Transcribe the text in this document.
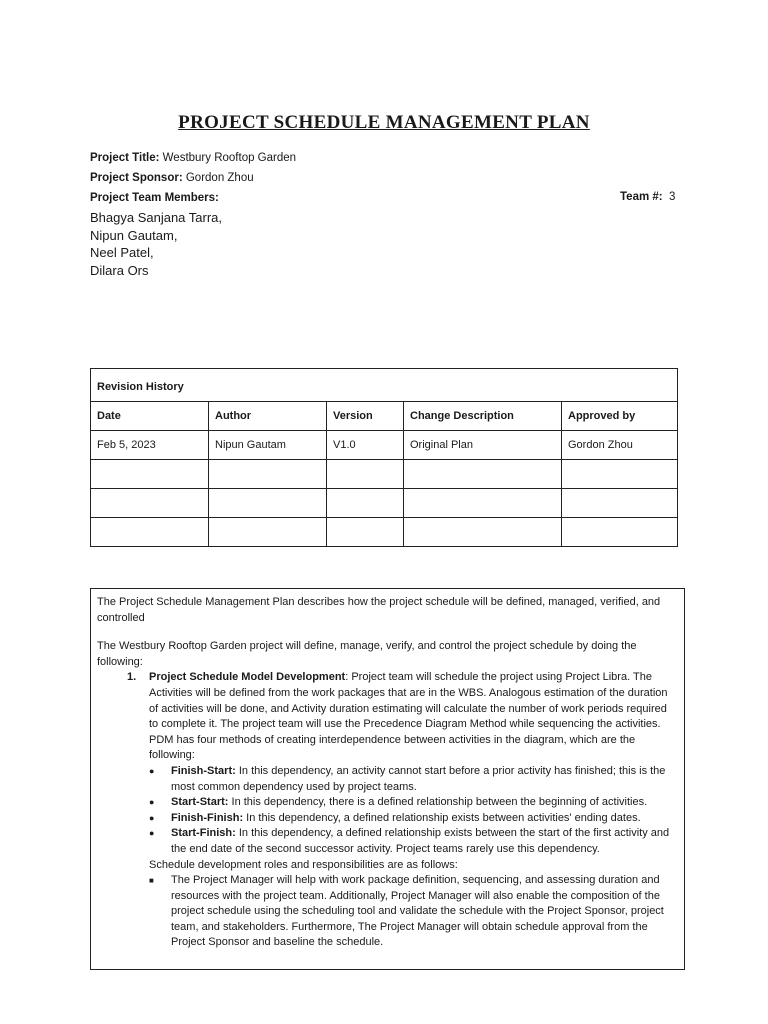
PROJECT SCHEDULE MANAGEMENT PLAN
Project Title: Westbury Rooftop Garden
Project Sponsor: Gordon Zhou
Project Team Members:	Team #: 3
Bhagya Sanjana Tarra,
Nipun Gautam,
Neel Patel,
Dilara Ors
Revision History				
Date	Author	Version	Change Description	Approved by
Feb 5, 2023	Nipun Gautam	V1.0	Original Plan	Gordon Zhou

The Project Schedule Management Plan describes how the project schedule will be defined, managed, verified, and controlled

The Westbury Rooftop Garden project will define, manage, verify, and control the project schedule by doing the following:

1. Project Schedule Model Development: Project team will schedule the project using Project Libra. The Activities will be defined from the work packages that are in the WBS. Analogous estimation of the duration of activities will be done, and Activity duration estimating will calculate the number of work periods required to complete it. The project team will use the Precedence Diagram Method while sequencing the activities. PDM has four methods of creating interdependence between activities in the diagram, which are the following:
● Finish-Start: In this dependency, an activity cannot start before a prior activity has finished; this is the most common dependency used by project teams.
● Start-Start: In this dependency, there is a defined relationship between the beginning of activities.
● Finish-Finish: In this dependency, a defined relationship exists between activities' ending dates.
● Start-Finish: In this dependency, a defined relationship exists between the start of the first activity and the end date of the second successor activity. Project teams rarely use this dependency.
Schedule development roles and responsibilities are as follows:
■ The Project Manager will help with work package definition, sequencing, and assessing duration and resources with the project team. Additionally, Project Manager will also enable the composition of the project schedule using the scheduling tool and validate the schedule with the Project Sponsor, project team, and stakeholders. Furthermore, The Project Manager will obtain schedule approval from the Project Sponsor and baseline the schedule.
